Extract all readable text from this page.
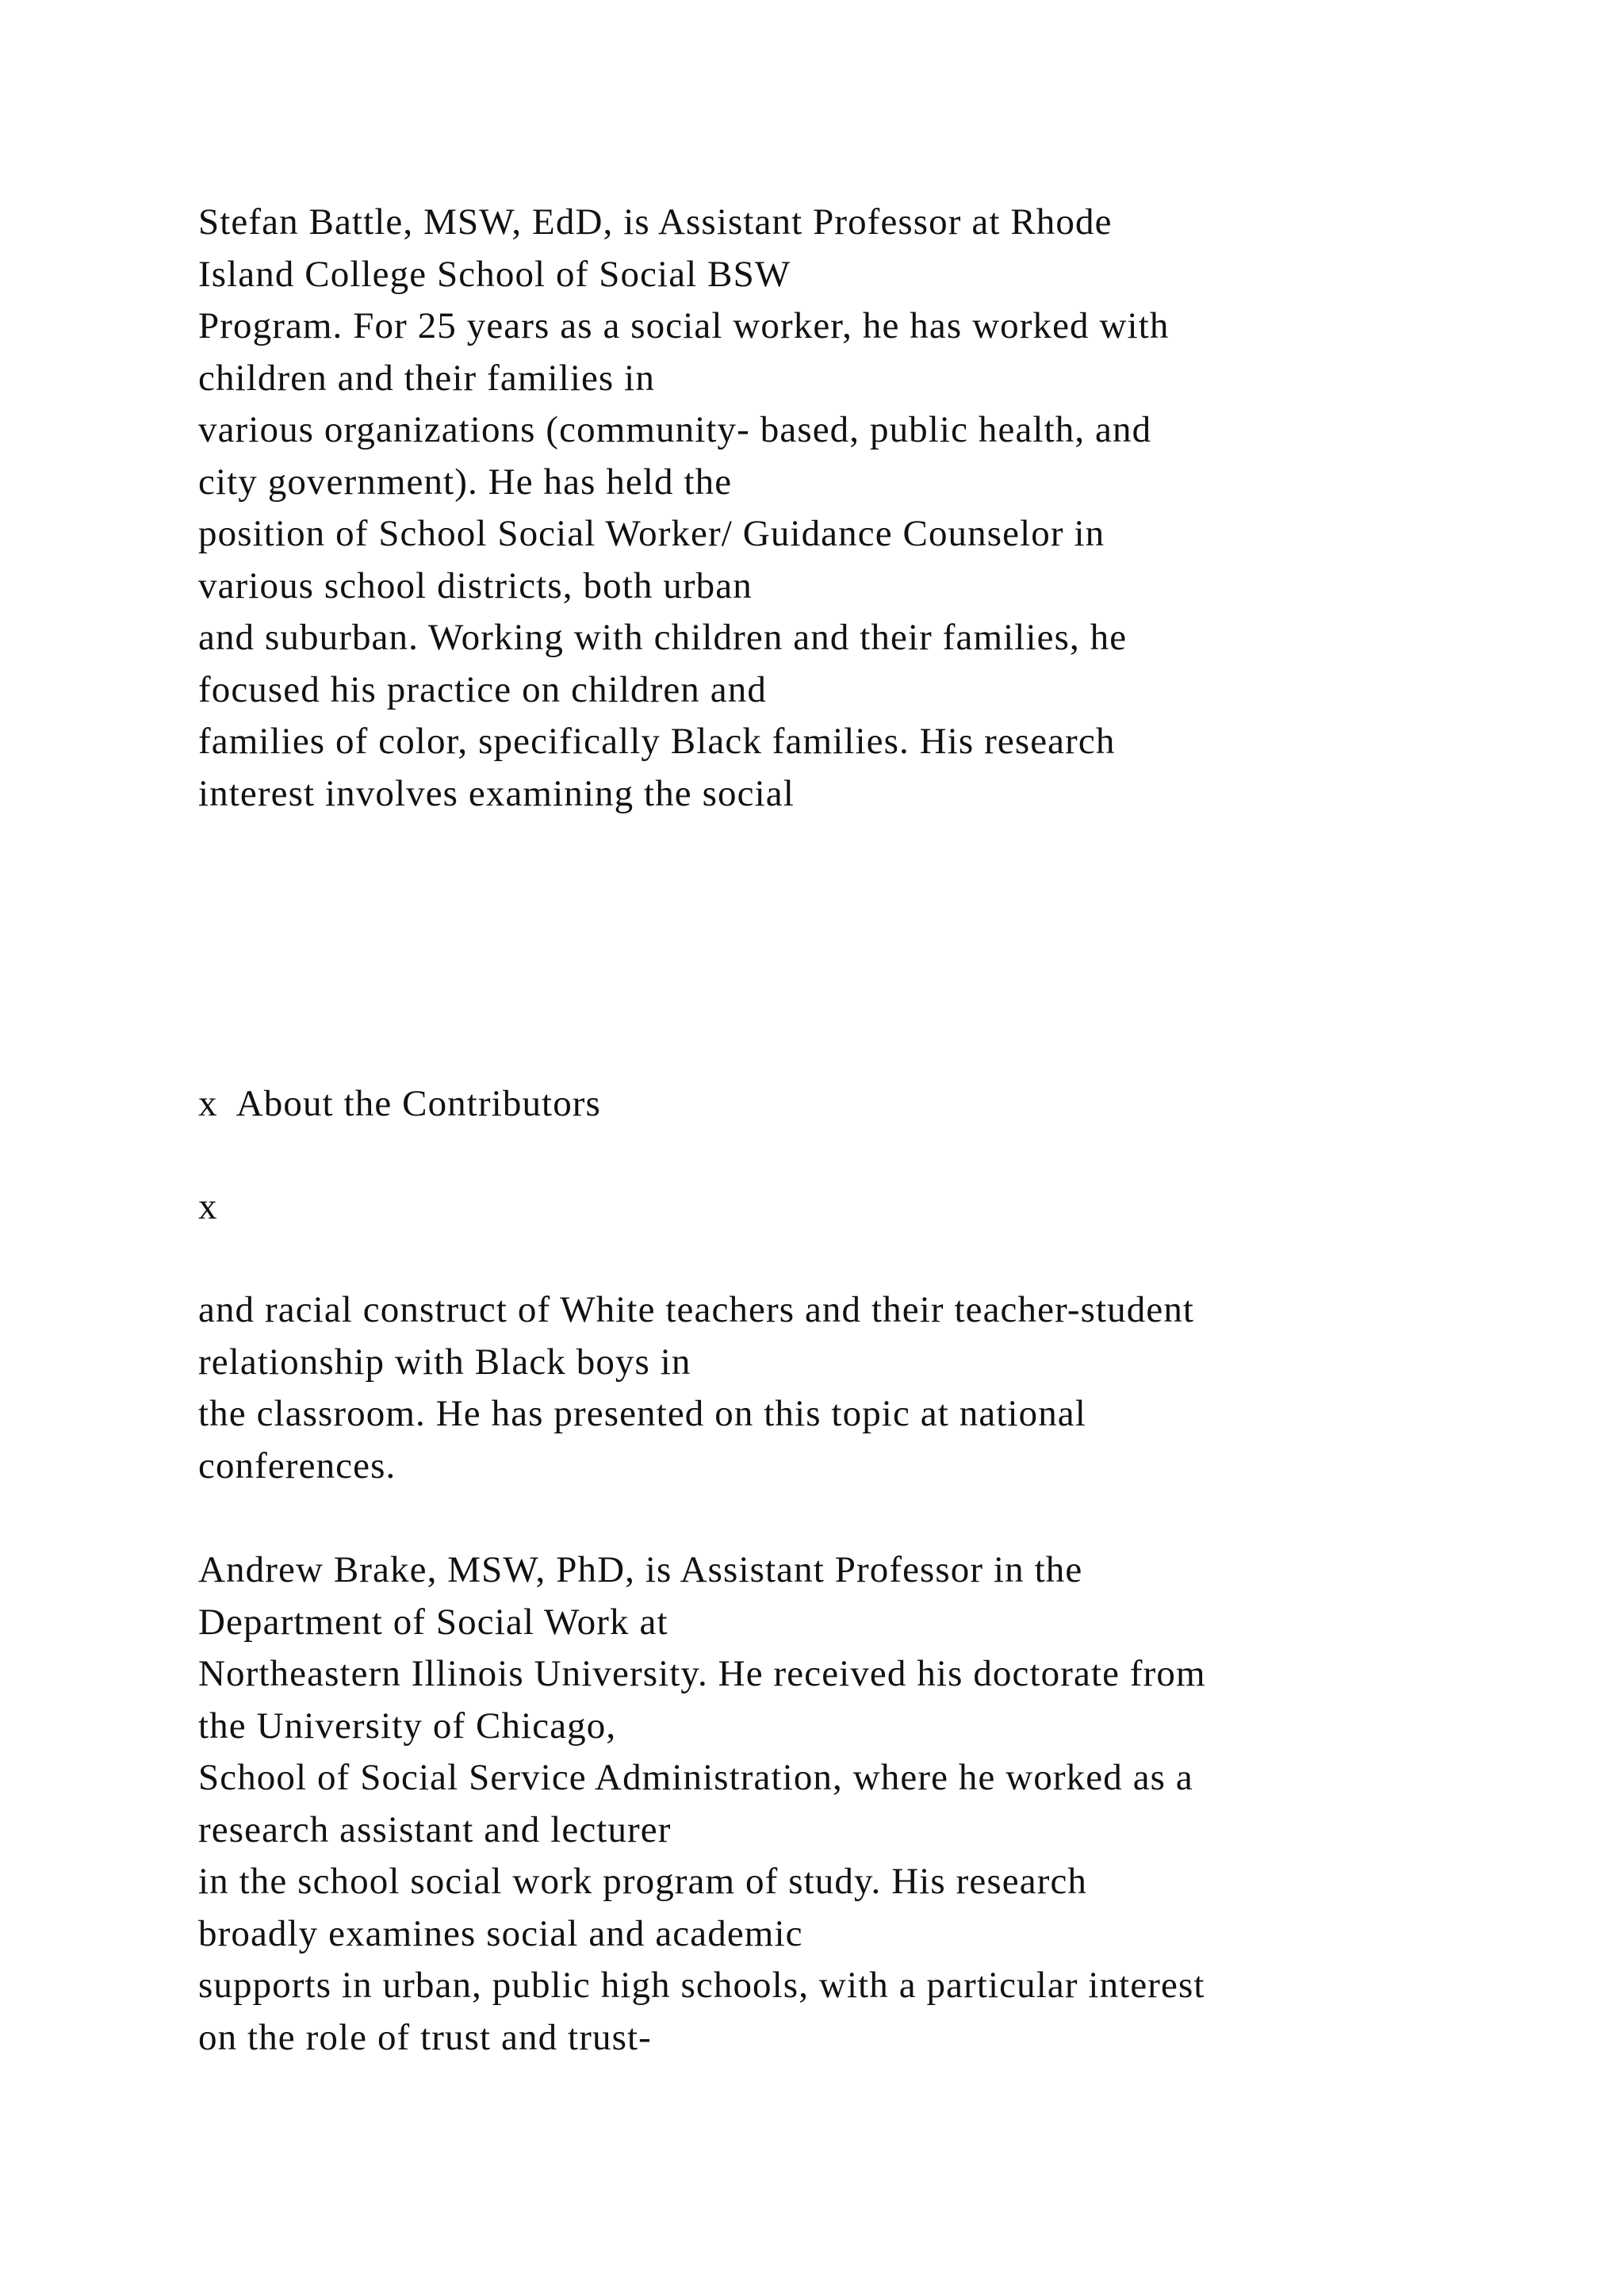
Stefan Battle, MSW, EdD, is Assistant Professor at Rhode
Island College School of Social BSW
Program. For 25 years as a social worker, he has worked with
children and their families in
various organizations (community- based, public health, and
city government). He has held the
position of School Social Worker/ Guidance Counselor in
various school districts, both urban
and suburban. Working with children and their families, he
focused his practice on children and
families of color, specifically Black families. His research
interest involves examining the social
x  About the Contributors
x
and racial construct of White teachers and their teacher-student
relationship with Black boys in
the classroom. He has presented on this topic at national
conferences.
Andrew Brake, MSW, PhD, is Assistant Professor in the
Department of Social Work at
Northeastern Illinois University. He received his doctorate from
the University of Chicago,
School of Social Service Administration, where he worked as a
research assistant and lecturer
in the school social work program of study. His research
broadly examines social and academic
supports in urban, public high schools, with a particular interest
on the role of trust and trust-
